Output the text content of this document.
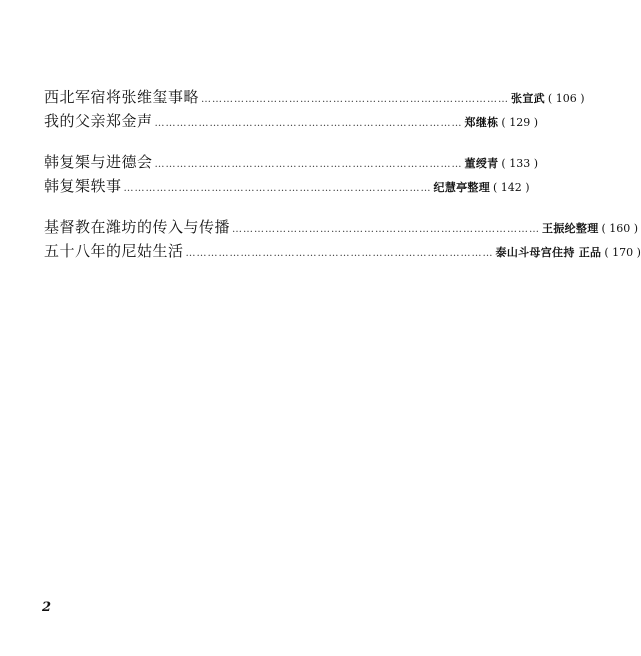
西北军宿将张维玺事略 ………………………………………………………………………… 张宣武 ( 106 )
我的父亲郑金声 ………………………………………………………………………… 郑继栋 ( 129 )
韩复榘与进德会 ………………………………………………………………………… 董绶青 ( 133 )
韩复榘轶事 ………………………………………………………………………… 纪慧亭整理 ( 142 )
基督教在潍坊的传入与传播 ………………………………………………………………………… 王振纶整理 ( 160 )
五十八年的尼姑生活 ………………………………………………………………………… 泰山斗母宫住持 正品 ( 170 )
2
